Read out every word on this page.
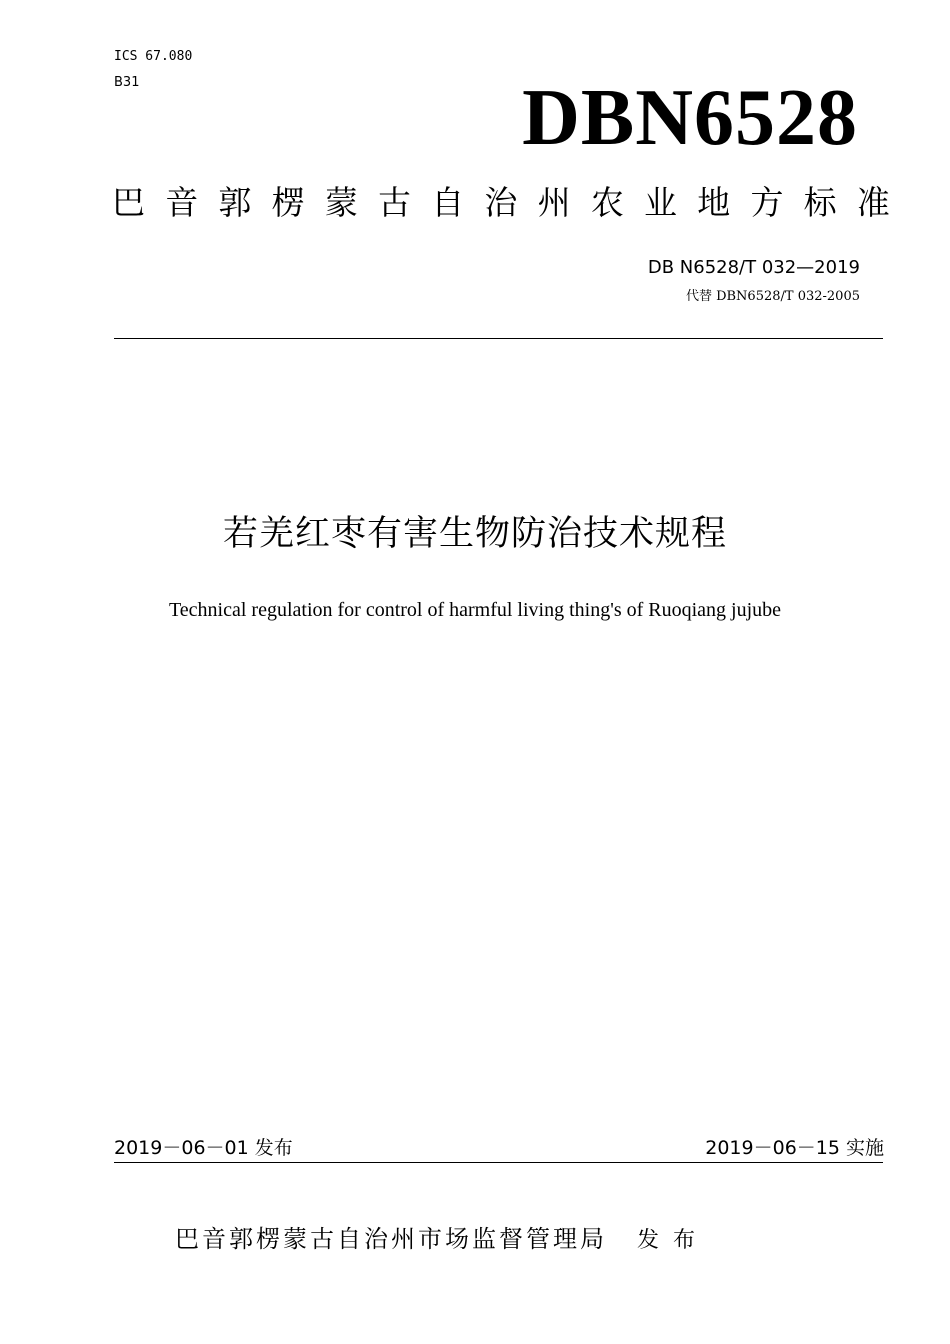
ICS 67.080
B31	DBN6528
巴 音 郭 楞 蒙 古 自 治 州 农 业 地 方 标 准
DB N6528/T 032—2019
代替 DBN6528/T 032-2005
若羌红枣有害生物防治技术规程
Technical regulation for control of harmful living thing's of Ruoqiang jujube
2019－06－01 发布	2019－06－15 实施
巴音郭楞蒙古自治州市场监督管理局 发布
